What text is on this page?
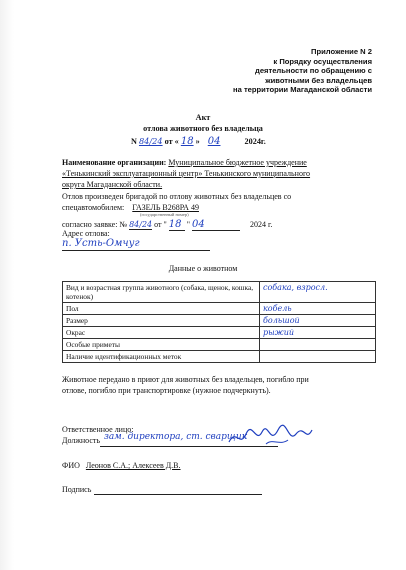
Приложение N 2
к Порядку осуществления
деятельности по обращению с
животными без владельцев
на территории Магаданской области
Акт
отлова животного без владельца
N 84/24 от « 18 » 04	2024г.
Наименование организации: Муниципальное бюджетное учреждение
«Тенькинский эксплуатационный центр» Тенькинского муниципального
округа Магаданской области.
Отлов произведен бригадой по отлову животных без владельцев со
спецавтомобилем: ГАЗЕЛЬ В268РА 49
(государственный номер)
согласно заявке: № 84/24 от " 18 " 04	2024 г.
Адрес отлова:
п. Усть-Омчуг
Данные о животном
Вид и возрастная группа животного (собака, щенок, кошка, котенок)	собака, взросл.
Пол	кобель
Размер	большой
Окрас	рыжий
Особые приметы	
Наличие идентификационных меток	
Животное передано в приют для животных без владельцев, погибло при
отлове, погибло при транспортировке (нужное подчеркнуть).
Ответственное лицо:
Должность зам. директора, ст. сварщик
ФИО Леонов С.А.; Алексеев Д.В.
Подпись
